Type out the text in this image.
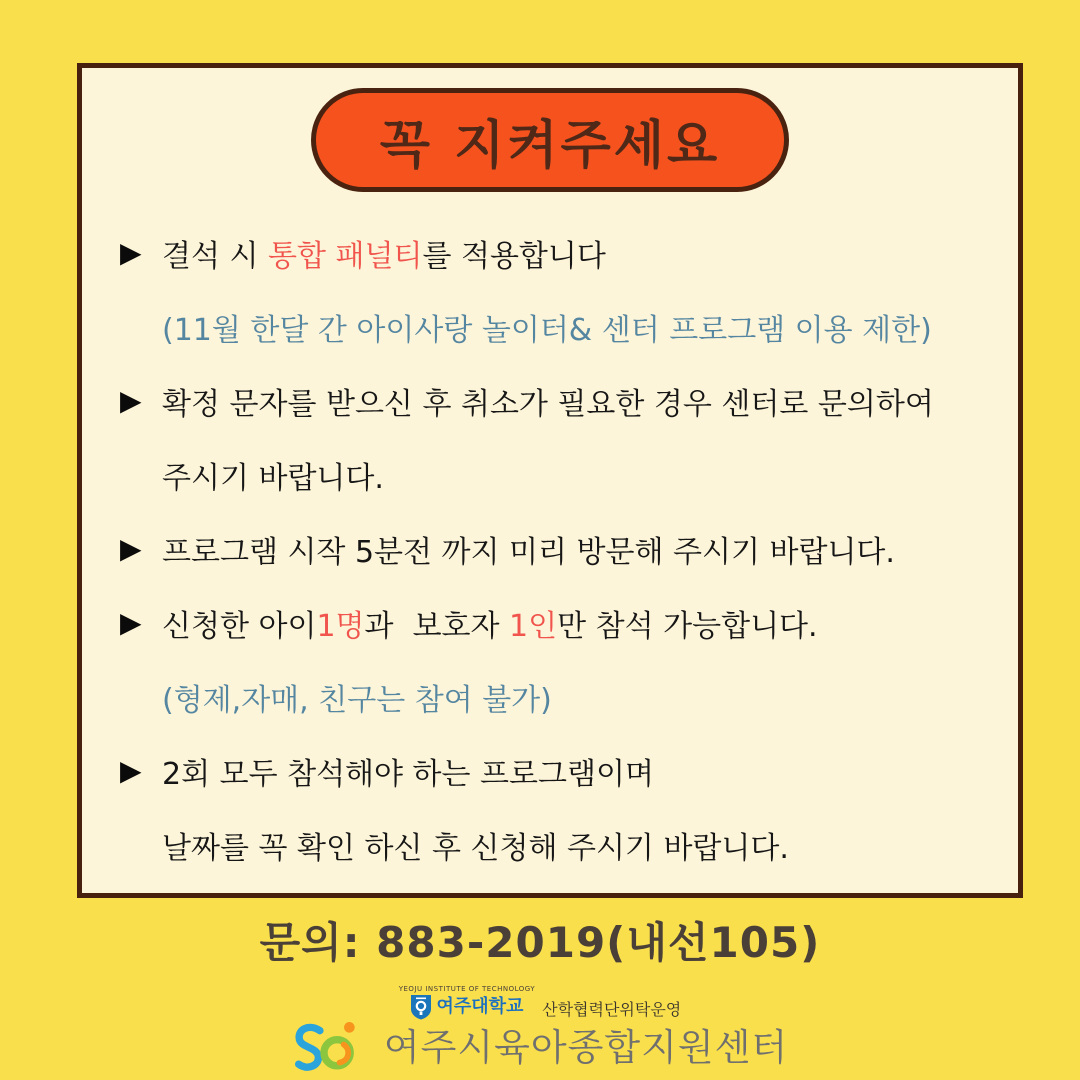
꼭 지켜주세요
▶ 결석 시 통합 패널티 를 적용합니다
(11월 한달 간 아이사랑 놀이터& 센터 프로그램 이용 제한)
▶ 확정 문자를 받으신 후 취소가 필요한 경우 센터로 문의하여
주시기 바랍니다.
▶ 프로그램 시작 5분전 까지 미리 방문해 주시기 바랍니다.
▶ 신청한 아이 1명 과  보호자 1인 만 참석 가능합니다.
(형제,자매, 친구는 참여 불가)
▶ 2회 모두 참석해야 하는 프로그램이며
날짜를 꼭 확인 하신 후 신청해 주시기 바랍니다.
문의: 883-2019(내선105)
YEOJU INSTITUTE OF TECHNOLOGY
여주대학교 산학협력단위탁운영
여주시육아종합지원센터
